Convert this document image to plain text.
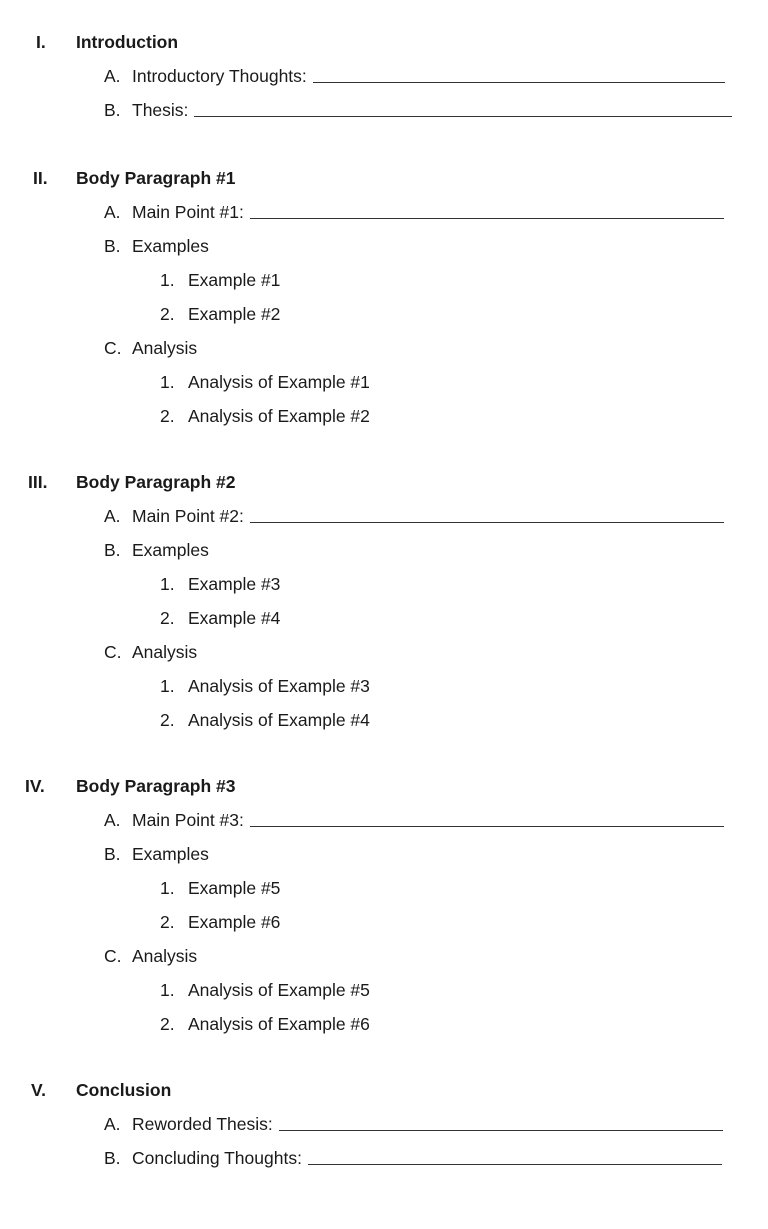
I. Introduction
A. Introductory Thoughts:
B. Thesis:
II. Body Paragraph #1
A. Main Point #1:
B. Examples
1. Example #1
2. Example #2
C. Analysis
1. Analysis of Example #1
2. Analysis of Example #2
III. Body Paragraph #2
A. Main Point #2:
B. Examples
1. Example #3
2. Example #4
C. Analysis
1. Analysis of Example #3
2. Analysis of Example #4
IV. Body Paragraph #3
A. Main Point #3:
B. Examples
1. Example #5
2. Example #6
C. Analysis
1. Analysis of Example #5
2. Analysis of Example #6
V. Conclusion
A. Reworded Thesis:
B. Concluding Thoughts:
